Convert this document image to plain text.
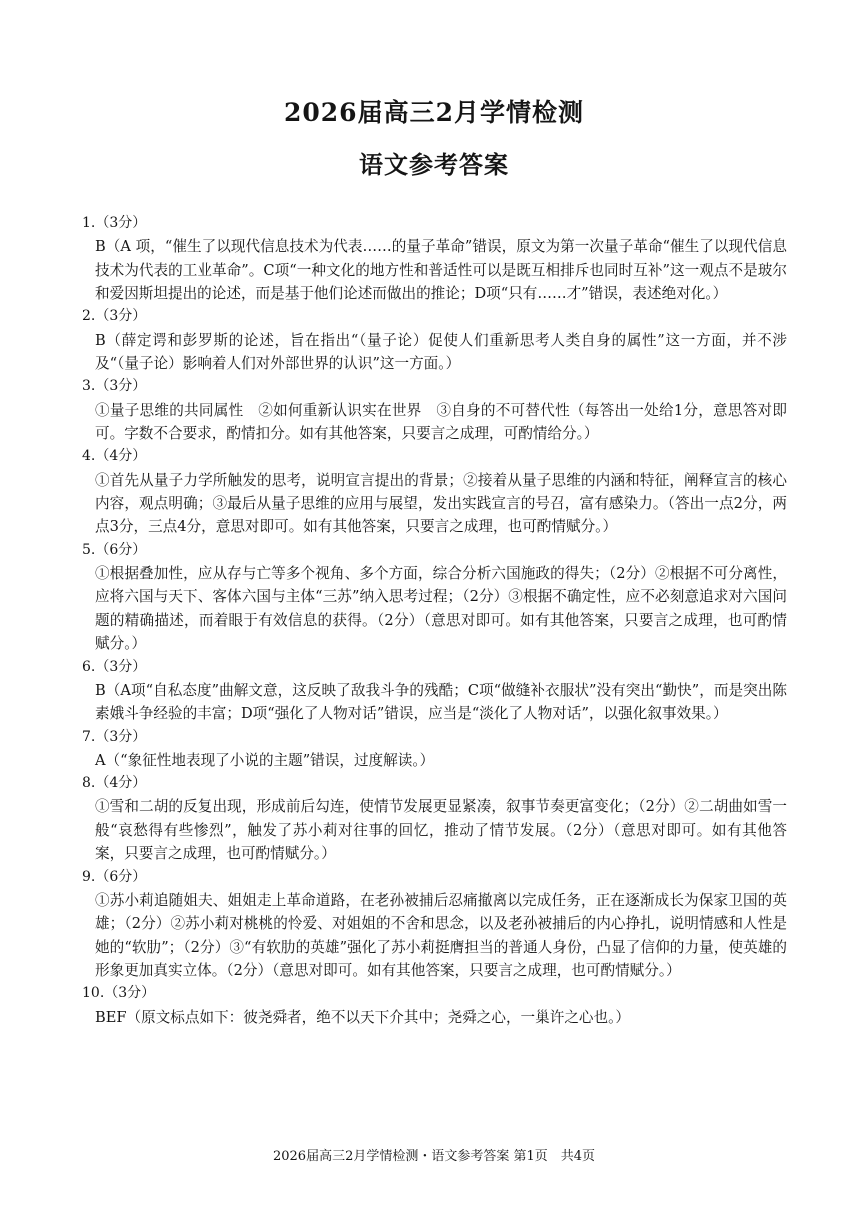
2026届高三2月学情检测
语文参考答案
1.（3分）
B（A 项，“催生了以现代信息技术为代表……的量子革命”错误，原文为第一次量子革命“催生了以现代信息技术为代表的工业革命”。C项“一种文化的地方性和普适性可以是既互相排斥也同时互补”这一观点不是玻尔和爱因斯坦提出的论述，而是基于他们论述而做出的推论；D项“只有……才”错误，表述绝对化。）
2.（3分）
B（薛定谔和彭罗斯的论述，旨在指出“（量子论）促使人们重新思考人类自身的属性”这一方面，并不涉及“（量子论）影响着人们对外部世界的认识”这一方面。）
3.（3分）
①量子思维的共同属性　②如何重新认识实在世界　③自身的不可替代性（每答出一处给1分，意思答对即可。字数不合要求，酌情扣分。如有其他答案，只要言之成理，可酌情给分。）
4.（4分）
①首先从量子力学所触发的思考，说明宣言提出的背景；②接着从量子思维的内涵和特征，阐释宣言的核心内容，观点明确；③最后从量子思维的应用与展望，发出实践宣言的号召，富有感染力。（答出一点2分，两点3分，三点4分，意思对即可。如有其他答案，只要言之成理，也可酌情赋分。）
5.（6分）
①根据叠加性，应从存与亡等多个视角、多个方面，综合分析六国施政的得失；（2分）②根据不可分离性，应将六国与天下、客体六国与主体“三苏”纳入思考过程；（2分）③根据不确定性，应不必刻意追求对六国问题的精确描述，而着眼于有效信息的获得。（2分）（意思对即可。如有其他答案，只要言之成理，也可酌情赋分。）
6.（3分）
B（A项“自私态度”曲解文意，这反映了敌我斗争的残酷；C项“做缝补衣服状”没有突出“勤快”，而是突出陈素娥斗争经验的丰富；D项“强化了人物对话”错误，应当是“淡化了人物对话”，以强化叙事效果。）
7.（3分）
A（“象征性地表现了小说的主题”错误，过度解读。）
8.（4分）
①雪和二胡的反复出现，形成前后勾连，使情节发展更显紧凑，叙事节奏更富变化；（2分）②二胡曲如雪一般“哀愁得有些惨烈”，触发了苏小莉对往事的回忆，推动了情节发展。（2分）（意思对即可。如有其他答案，只要言之成理，也可酌情赋分。）
9.（6分）
①苏小莉追随姐夫、姐姐走上革命道路，在老孙被捕后忍痛撤离以完成任务，正在逐渐成长为保家卫国的英雄；（2分）②苏小莉对桃桃的怜爱、对姐姐的不舍和思念，以及老孙被捕后的内心挣扎，说明情感和人性是她的“软肋”；（2分）③“有软肋的英雄”强化了苏小莉挺膺担当的普通人身份，凸显了信仰的力量，使英雄的形象更加真实立体。（2分）（意思对即可。如有其他答案，只要言之成理，也可酌情赋分。）
10.（3分）
BEF（原文标点如下：彼尧舜者，绝不以天下介其中；尧舜之心，一巢许之心也。）
2026届高三2月学情检测・语文参考答案 第1页　共4页
